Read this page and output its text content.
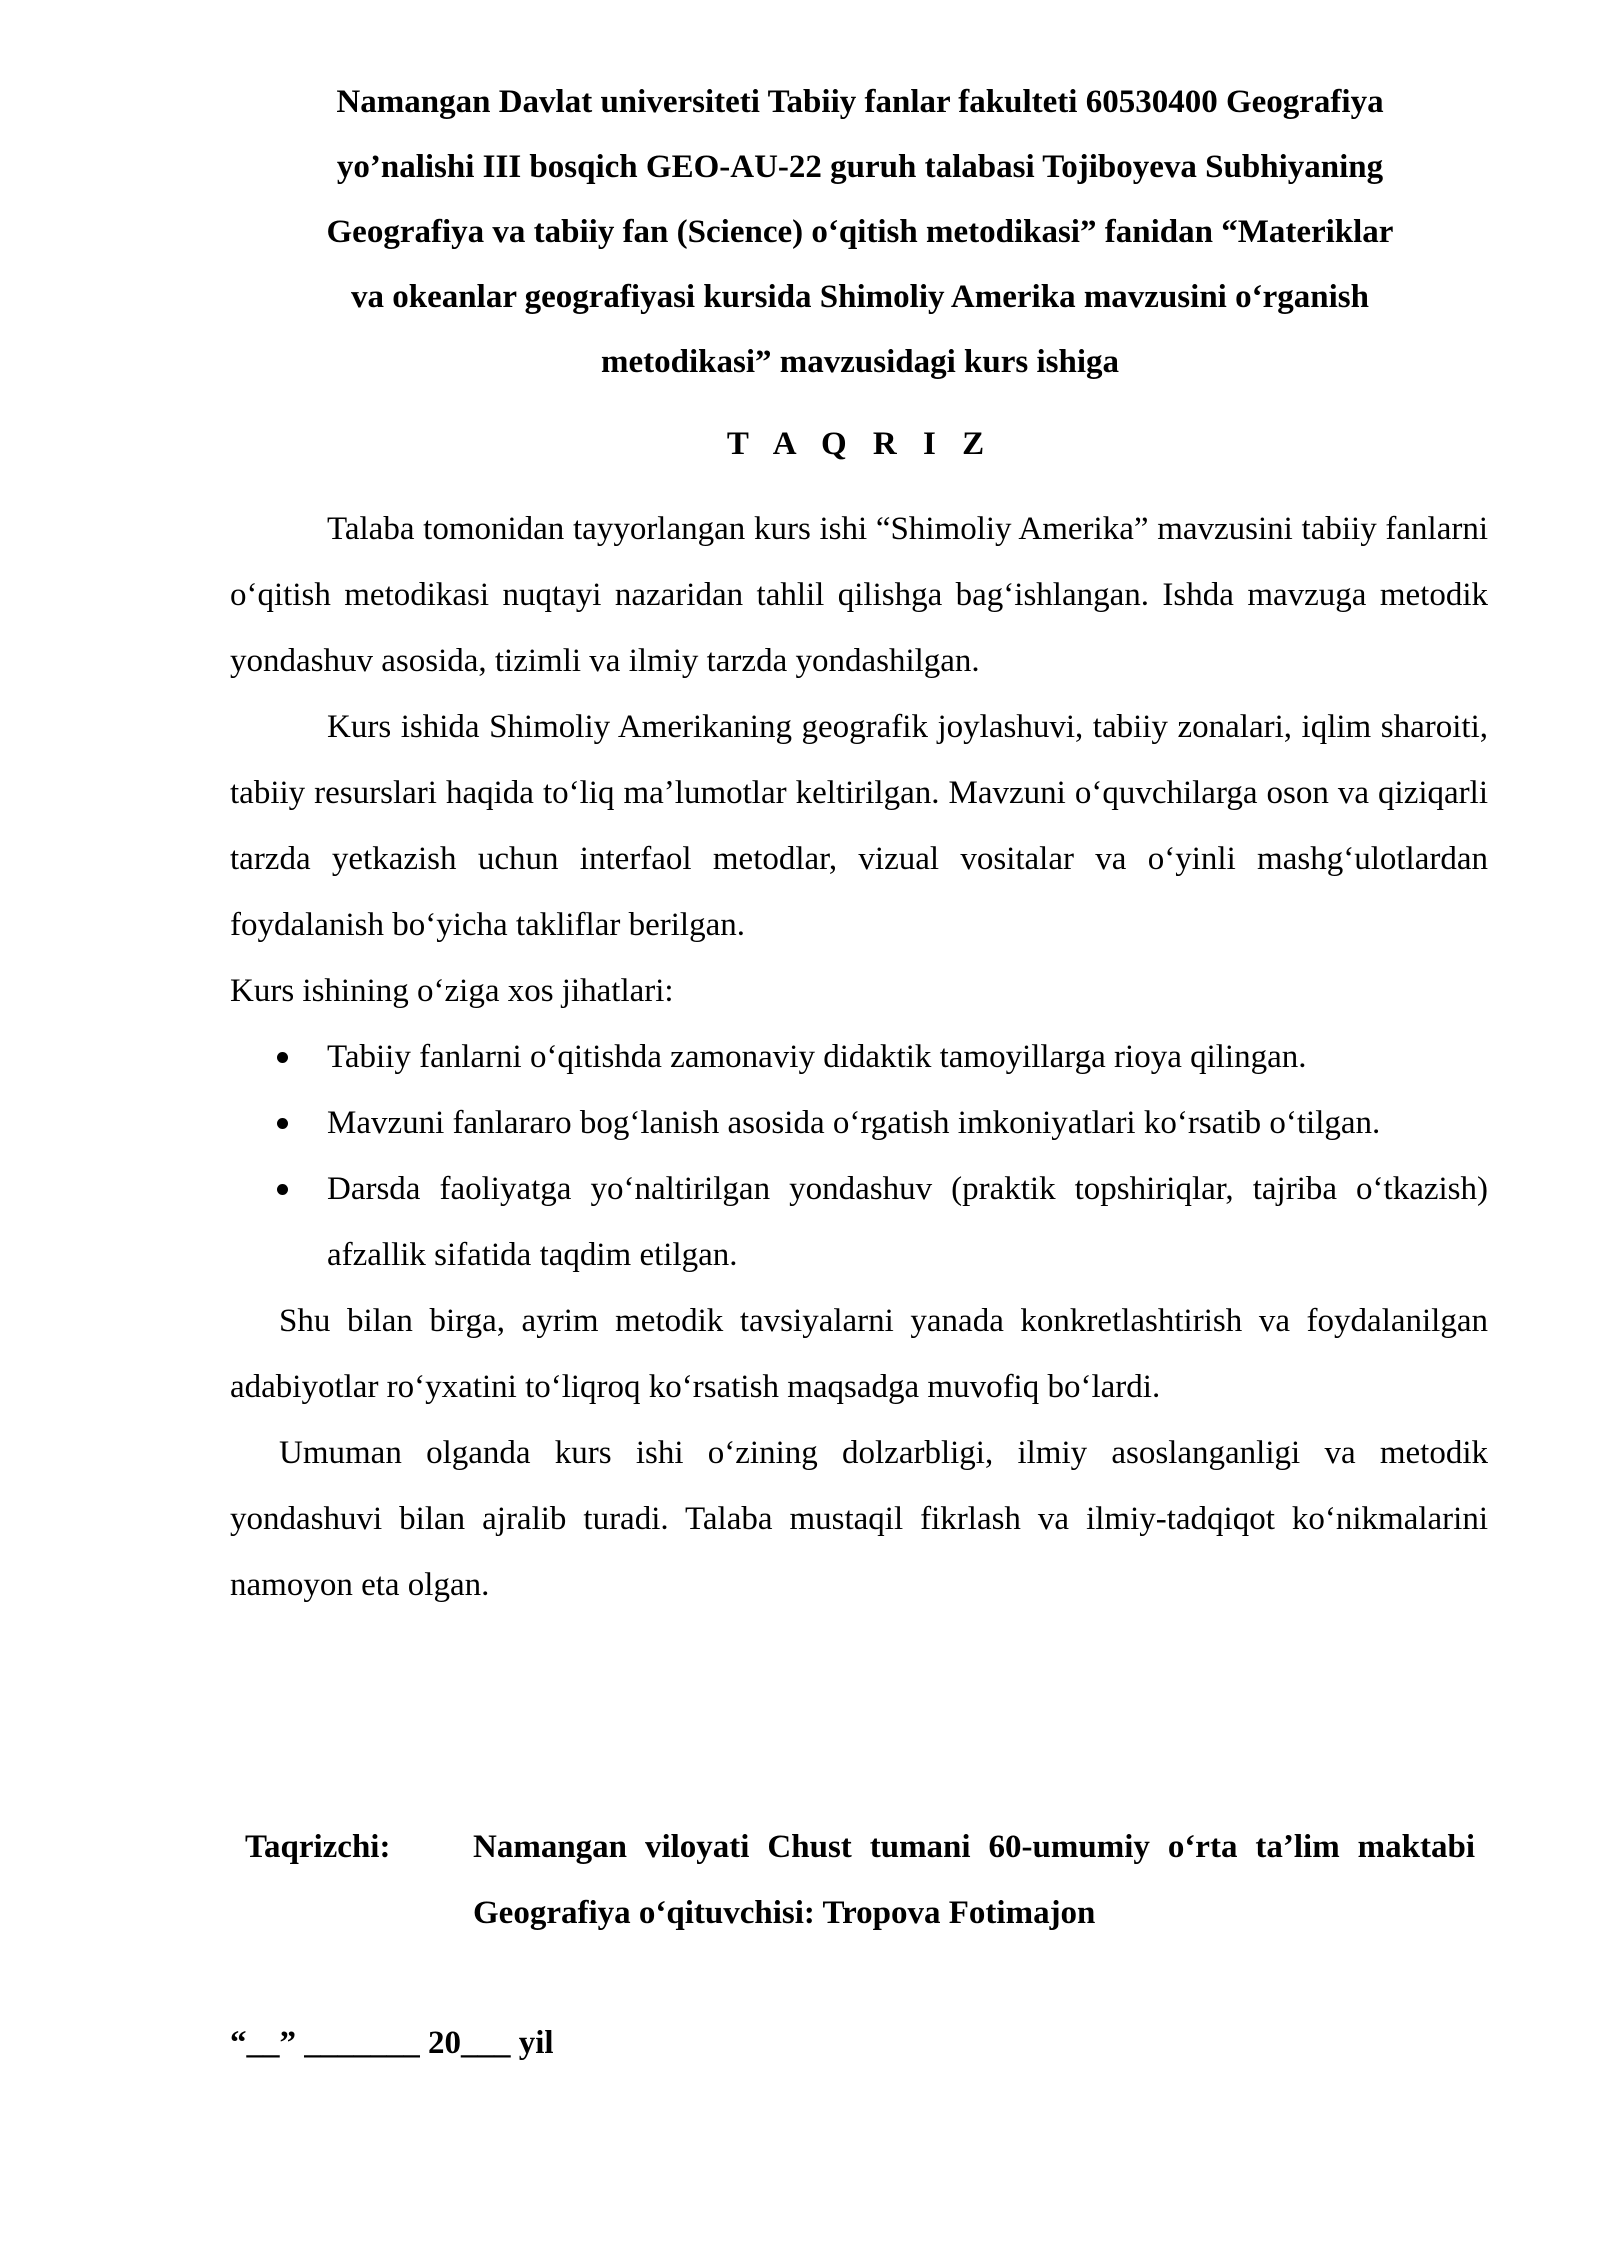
Namangan Davlat universiteti Tabiiy fanlar fakulteti 60530400 Geografiya
yo’nalishi III bosqich GEO-AU-22 guruh talabasi Tojiboyeva Subhiyaning
Geografiya va tabiiy fan (Science) oʻqitish metodikasi” fanidan “Materiklar
va okeanlar geografiyasi kursida Shimoliy Amerika mavzusini oʻrganish
metodikasi” mavzusidagi kurs ishiga
T A Q R I Z

Talaba tomonidan tayyorlangan kurs ishi “Shimoliy Amerika” mavzusini tabiiy fanlarni oʻqitish metodikasi nuqtayi nazaridan tahlil qilishga bagʻishlangan. Ishda mavzuga metodik yondashuv asosida, tizimli va ilmiy tarzda yondashilgan.

Kurs ishida Shimoliy Amerikaning geografik joylashuvi, tabiiy zonalari, iqlim sharoiti, tabiiy resurslari haqida toʻliq maʼlumotlar keltirilgan. Mavzuni oʻquvchilarga oson va qiziqarli tarzda yetkazish uchun interfaol metodlar, vizual vositalar va oʻyinli mashgʻulotlardan foydalanish boʻyicha takliflar berilgan.

Kurs ishining oʻziga xos jihatlari:

Tabiiy fanlarni oʻqitishda zamonaviy didaktik tamoyillarga rioya qilingan.
Mavzuni fanlararo bogʻlanish asosida oʻrgatish imkoniyatlari koʻrsatib oʻtilgan.
Darsda faoliyatga yoʻnaltirilgan yondashuv (praktik topshiriqlar, tajriba oʻtkazish) afzallik sifatida taqdim etilgan.

Shu bilan birga, ayrim metodik tavsiyalarni yanada konkretlashtirish va foydalanilgan adabiyotlar roʻyxatini toʻliqroq koʻrsatish maqsadga muvofiq boʻlardi.

Umuman olganda kurs ishi oʻzining dolzarbligi, ilmiy asoslanganligi va metodik yondashuvi bilan ajralib turadi. Talaba mustaqil fikrlash va ilmiy-tadqiqot koʻnikmalarini namoyon eta olgan.

Taqrizchi:	Namangan viloyati Chust tumani 60-umumiy oʻrta taʼlim maktabi Geografiya oʻqituvchisi: Tropova Fotimajon
“__” _______ 20___ yil
